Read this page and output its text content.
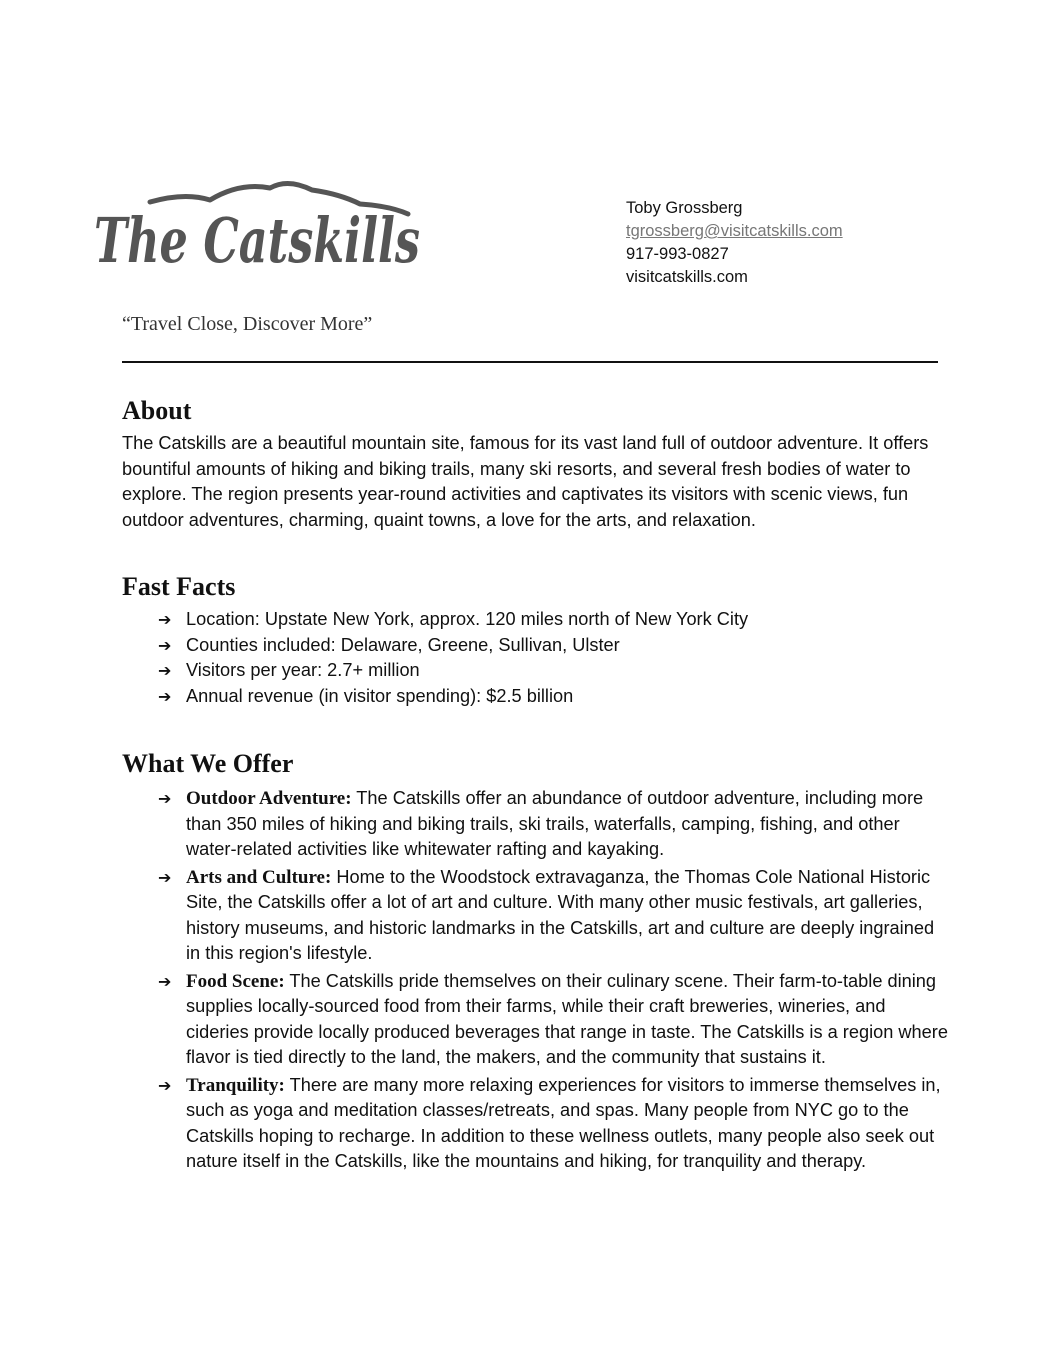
The Catskills	Toby Grossberg
tgrossberg@visitcatskills.com
917-993-0827
visitcatskills.com
“Travel Close, Discover More”
About

The Catskills are a beautiful mountain site, famous for its vast land full of outdoor adventure. It offers bountiful amounts of hiking and biking trails, many ski resorts, and several fresh bodies of water to explore. The region presents year-round activities and captivates its visitors with scenic views, fun outdoor adventures, charming, quaint towns, a love for the arts, and relaxation.

Fast Facts
➔ Location: Upstate New York, approx. 120 miles north of New York City
➔ Counties included: Delaware, Greene, Sullivan, Ulster
➔ Visitors per year: 2.7+ million
➔ Annual revenue (in visitor spending): $2.5 billion
What We Offer
➔ Outdoor Adventure: The Catskills offer an abundance of outdoor adventure, including more than 350 miles of hiking and biking trails, ski trails, waterfalls, camping, fishing, and other water-related activities like whitewater rafting and kayaking.
➔ Arts and Culture: Home to the Woodstock extravaganza, the Thomas Cole National Historic Site, the Catskills offer a lot of art and culture. With many other music festivals, art galleries, history museums, and historic landmarks in the Catskills, art and culture are deeply ingrained in this region's lifestyle.
➔ Food Scene: The Catskills pride themselves on their culinary scene. Their farm-to-table dining supplies locally-sourced food from their farms, while their craft breweries, wineries, and cideries provide locally produced beverages that range in taste. The Catskills is a region where flavor is tied directly to the land, the makers, and the community that sustains it.
➔ Tranquility: There are many more relaxing experiences for visitors to immerse themselves in, such as yoga and meditation classes/retreats, and spas. Many people from NYC go to the Catskills hoping to recharge. In addition to these wellness outlets, many people also seek out nature itself in the Catskills, like the mountains and hiking, for tranquility and therapy.
